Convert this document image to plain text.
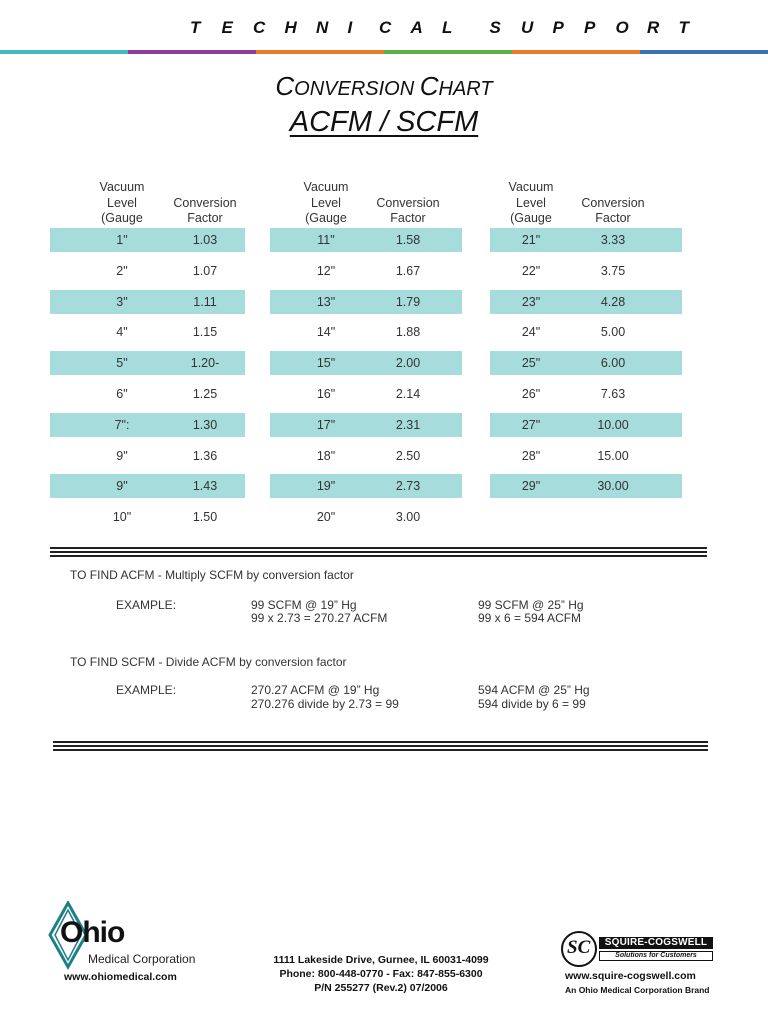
T	E	C	H	N	I	C	A	L	S	U	P	P	O	R	T
CONVERSION CHART
ACFM / SCFM
Vacuum
Level
(Gauge
Conversion
Factor
1"	1.03
2"	1.07
3"	1.11
4"	1.15
5"	1.20-
6"	1.25
7":	1.30
9"	1.36
9"	1.43
10"	1.50
Vacuum
Level
(Gauge
Conversion
Factor
11"	1.58
12"	1.67
13"	1.79
14"	1.88
15"	2.00
16"	2.14
17"	2.31
18"	2.50
19"	2.73
20"	3.00
Vacuum
Level
(Gauge
Conversion
Factor
21"	3.33
22"	3.75
23"	4.28
24"	5.00
25"	6.00
26"	7.63
27"	10.00
28"	15.00
29"	30.00
TO FIND ACFM - Multiply SCFM by conversion factor
EXAMPLE:	99 SCFM @ 19” Hg
99 x 2.73 = 270.27 ACFM
99 SCFM @ 25” Hg
99 x 6 = 594 ACFM
TO FIND SCFM - Divide ACFM by conversion factor
EXAMPLE:	270.27 ACFM @ 19” Hg
270.276 divide by 2.73 = 99
594 ACFM @ 25” Hg
594 divide by 6 = 99
Ohio
Medical Corporation
www.ohiomedical.com
1111 Lakeside Drive, Gurnee, IL 60031-4099
Phone: 800-448-0770 - Fax: 847-855-6300
P/N 255277 (Rev.2) 07/2006
SC	SQUIRE-COGSWELL
Solutions for Customers
www.squire-cogswell.com
An Ohio Medical Corporation Brand
